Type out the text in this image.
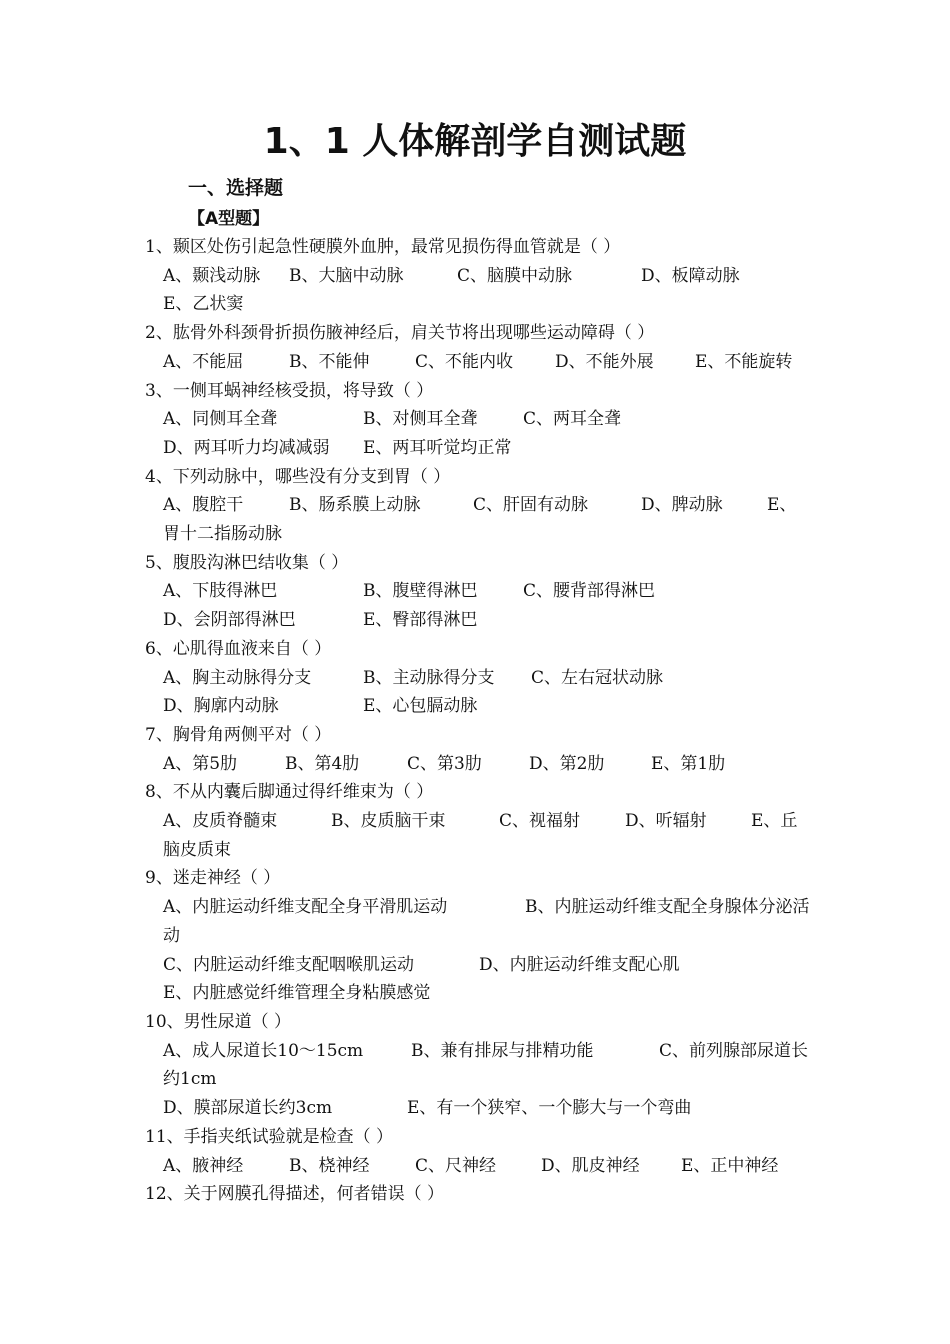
1、1 人体解剖学自测试题
一、选择题
【A型题】

1、颞区处伤引起急性硬膜外血肿，最常见损伤得血管就是（ ）

A、颞浅动脉 B、大脑中动脉	C、脑膜中动脉	D、板障动脉E、乙状窦

2、肱骨外科颈骨折损伤腋神经后，肩关节将出现哪些运动障碍（ ）

A、不能屈	B、不能伸	C、不能内收 D、不能外展 E、不能旋转

3、一侧耳蜗神经核受损，将导致（ ）

A、同侧耳全聋	B、对侧耳全聋	C、两耳全聋

D、两耳听力均减减弱 E、两耳听觉均正常

4、下列动脉中，哪些没有分支到胃（ ）

A、腹腔干	B、肠系膜上动脉	C、肝固有动脉	D、脾动脉	E、胃十二指肠动脉

5、腹股沟淋巴结收集（ ）

A、下肢得淋巴	B、腹壁得淋巴	C、腰背部得淋巴

D、会阴部得淋巴	E、臀部得淋巴

6、心肌得血液来自（ ）

A、胸主动脉得分支	B、主动脉得分支 C、左右冠状动脉

D、胸廓内动脉	E、心包膈动脉

7、胸骨角两侧平对（ ）

A、第5肋	B、第4肋	C、第3肋	D、第2肋	E、第1肋

8、不从内囊后脚通过得纤维束为（ ）

A、皮质脊髓束	B、皮质脑干束	C、视福射	D、听辐射	E、丘脑皮质束

9、迷走神经（ ）

A、内脏运动纤维支配全身平滑肌运动	B、内脏运动纤维支配全身腺体分泌活动

C、内脏运动纤维支配咽喉肌运动	D、内脏运动纤维支配心肌

E、内脏感觉纤维管理全身粘膜感觉

10、男性尿道（ ）

A、成人尿道长10～15cm	B、兼有排尿与排精功能	C、前列腺部尿道长约1cm

D、膜部尿道长约3cm	E、有一个狭窄、一个膨大与一个弯曲

11、手指夹纸试验就是检查（ ）

A、腋神经	B、桡神经	C、尺神经	D、肌皮神经 E、正中神经

12、关于网膜孔得描述，何者错误（ ）
